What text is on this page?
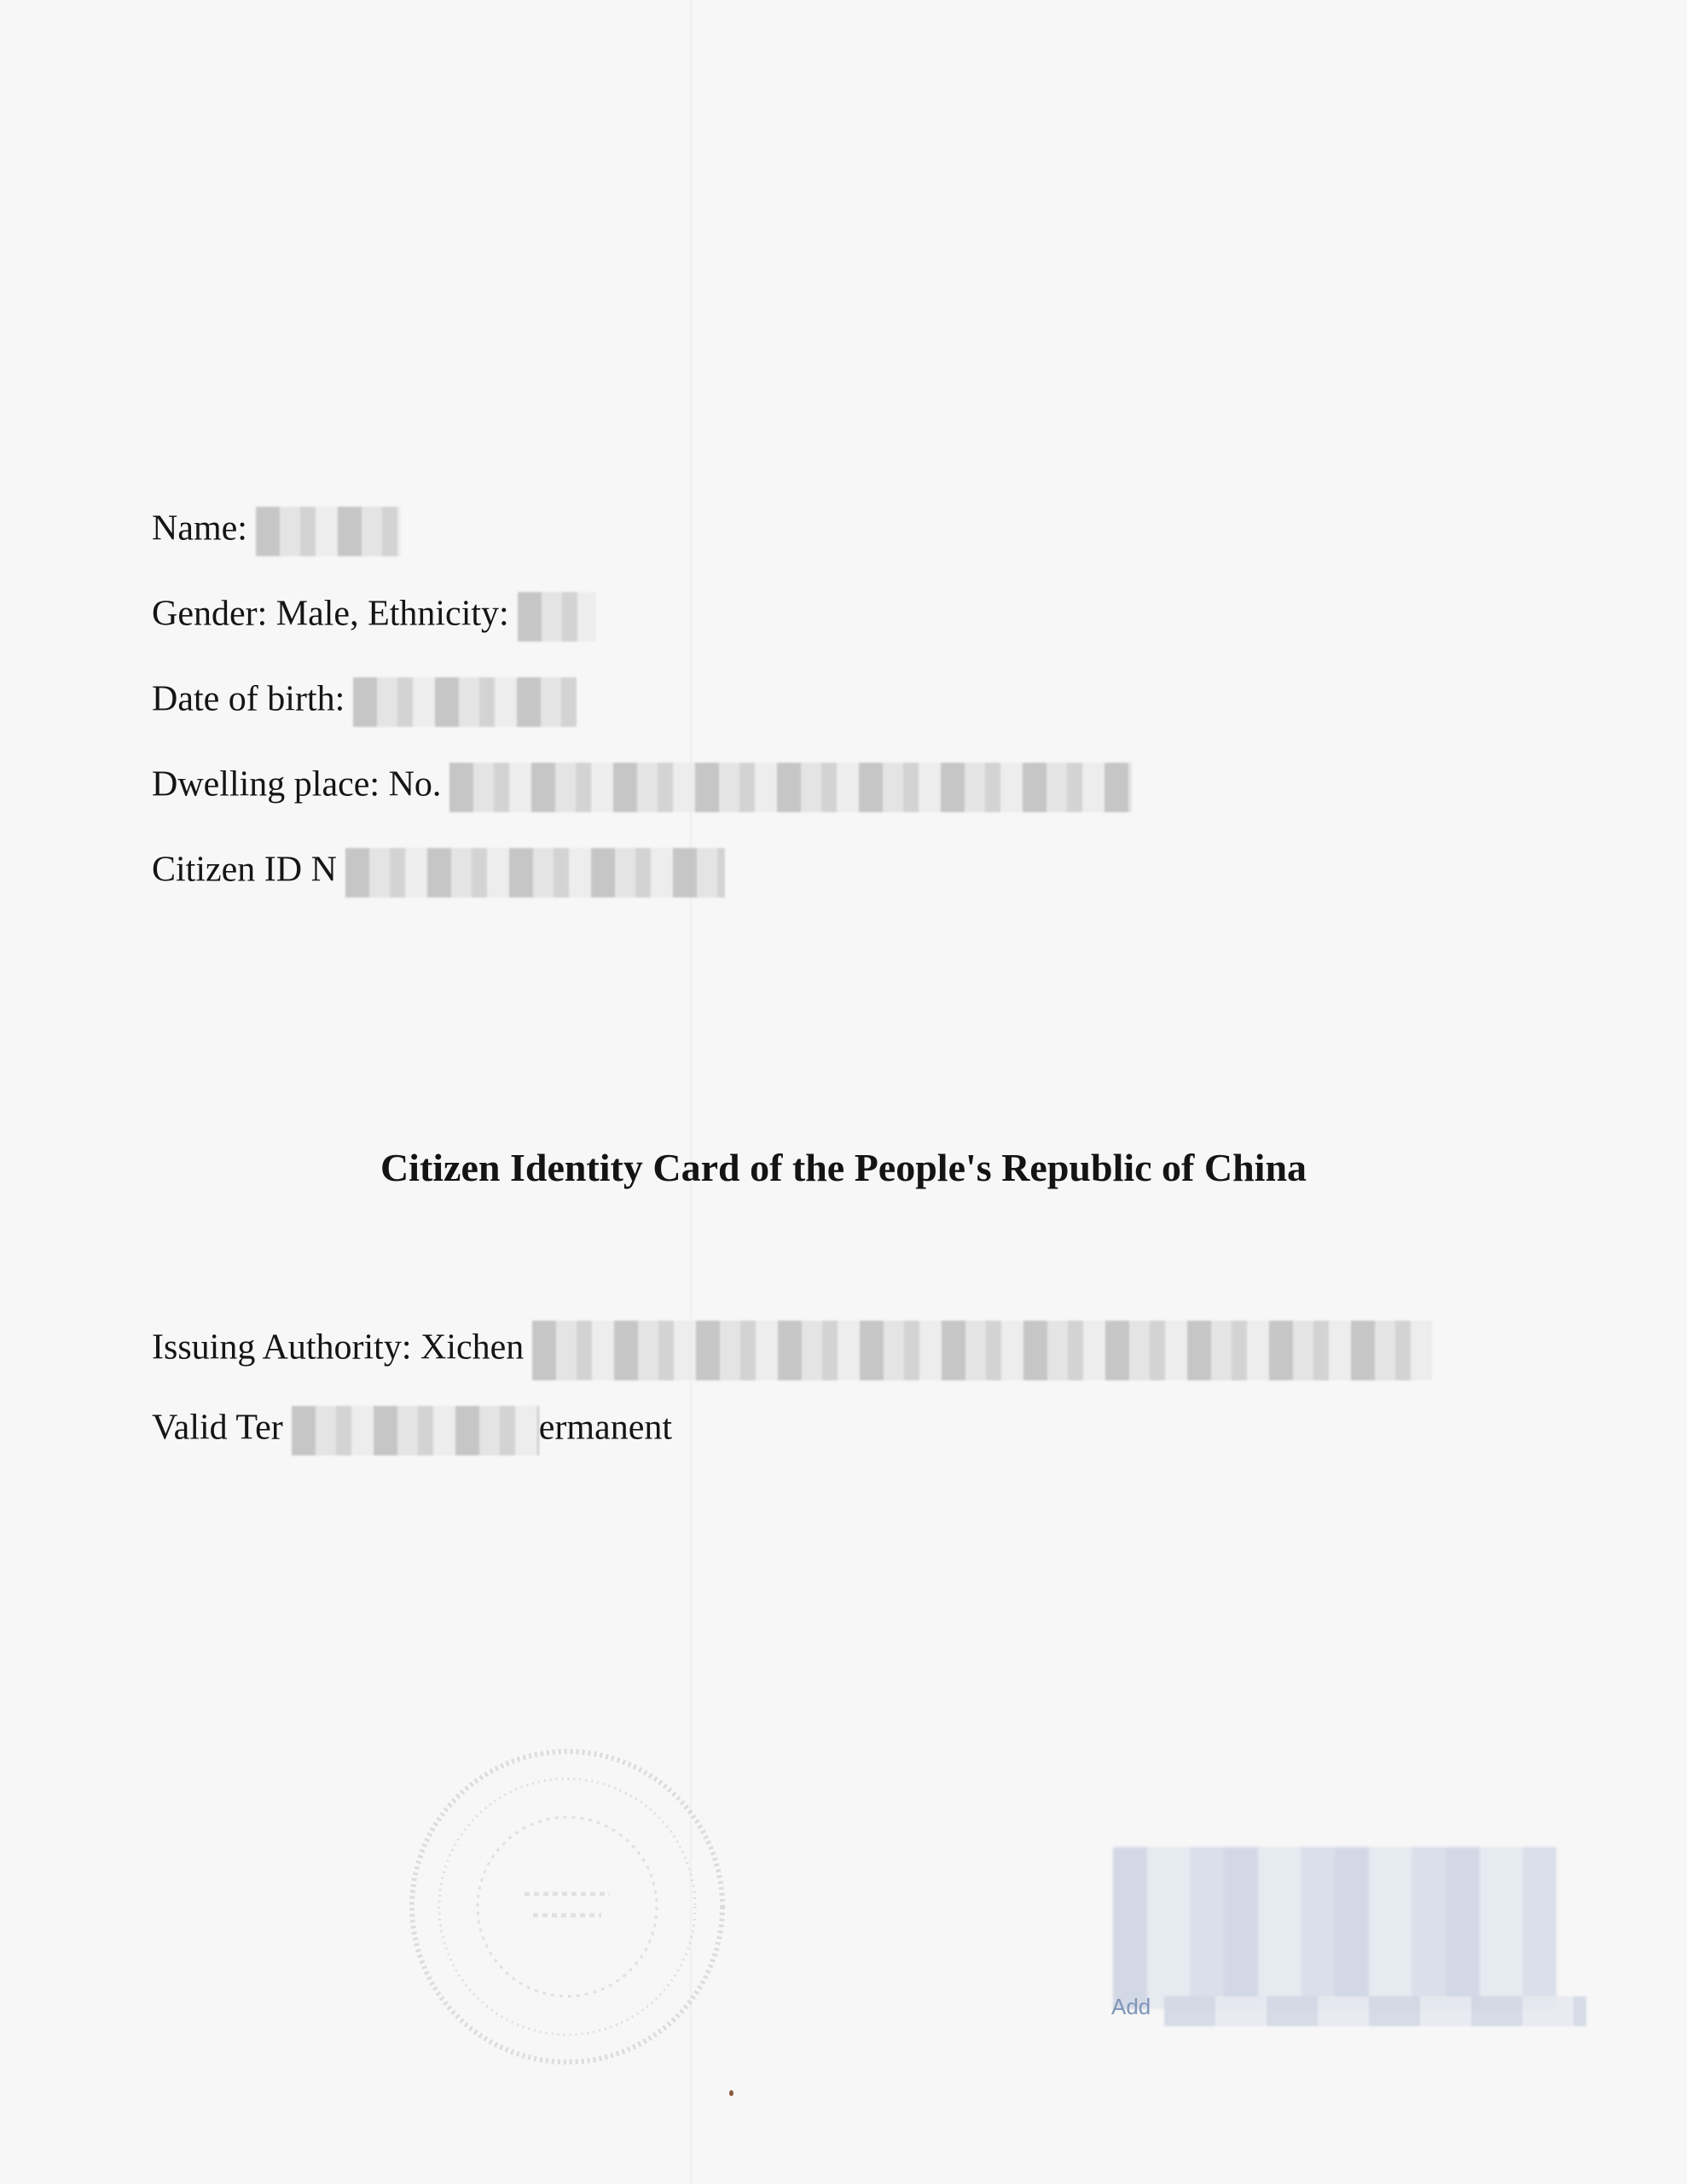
Name:
Gender: Male, Ethnicity:
Date of birth:
Dwelling place: No.
Citizen ID N
Citizen Identity Card of the People's Republic of China
Issuing Authority: Xichen
Valid Ter	ermanent
Add
